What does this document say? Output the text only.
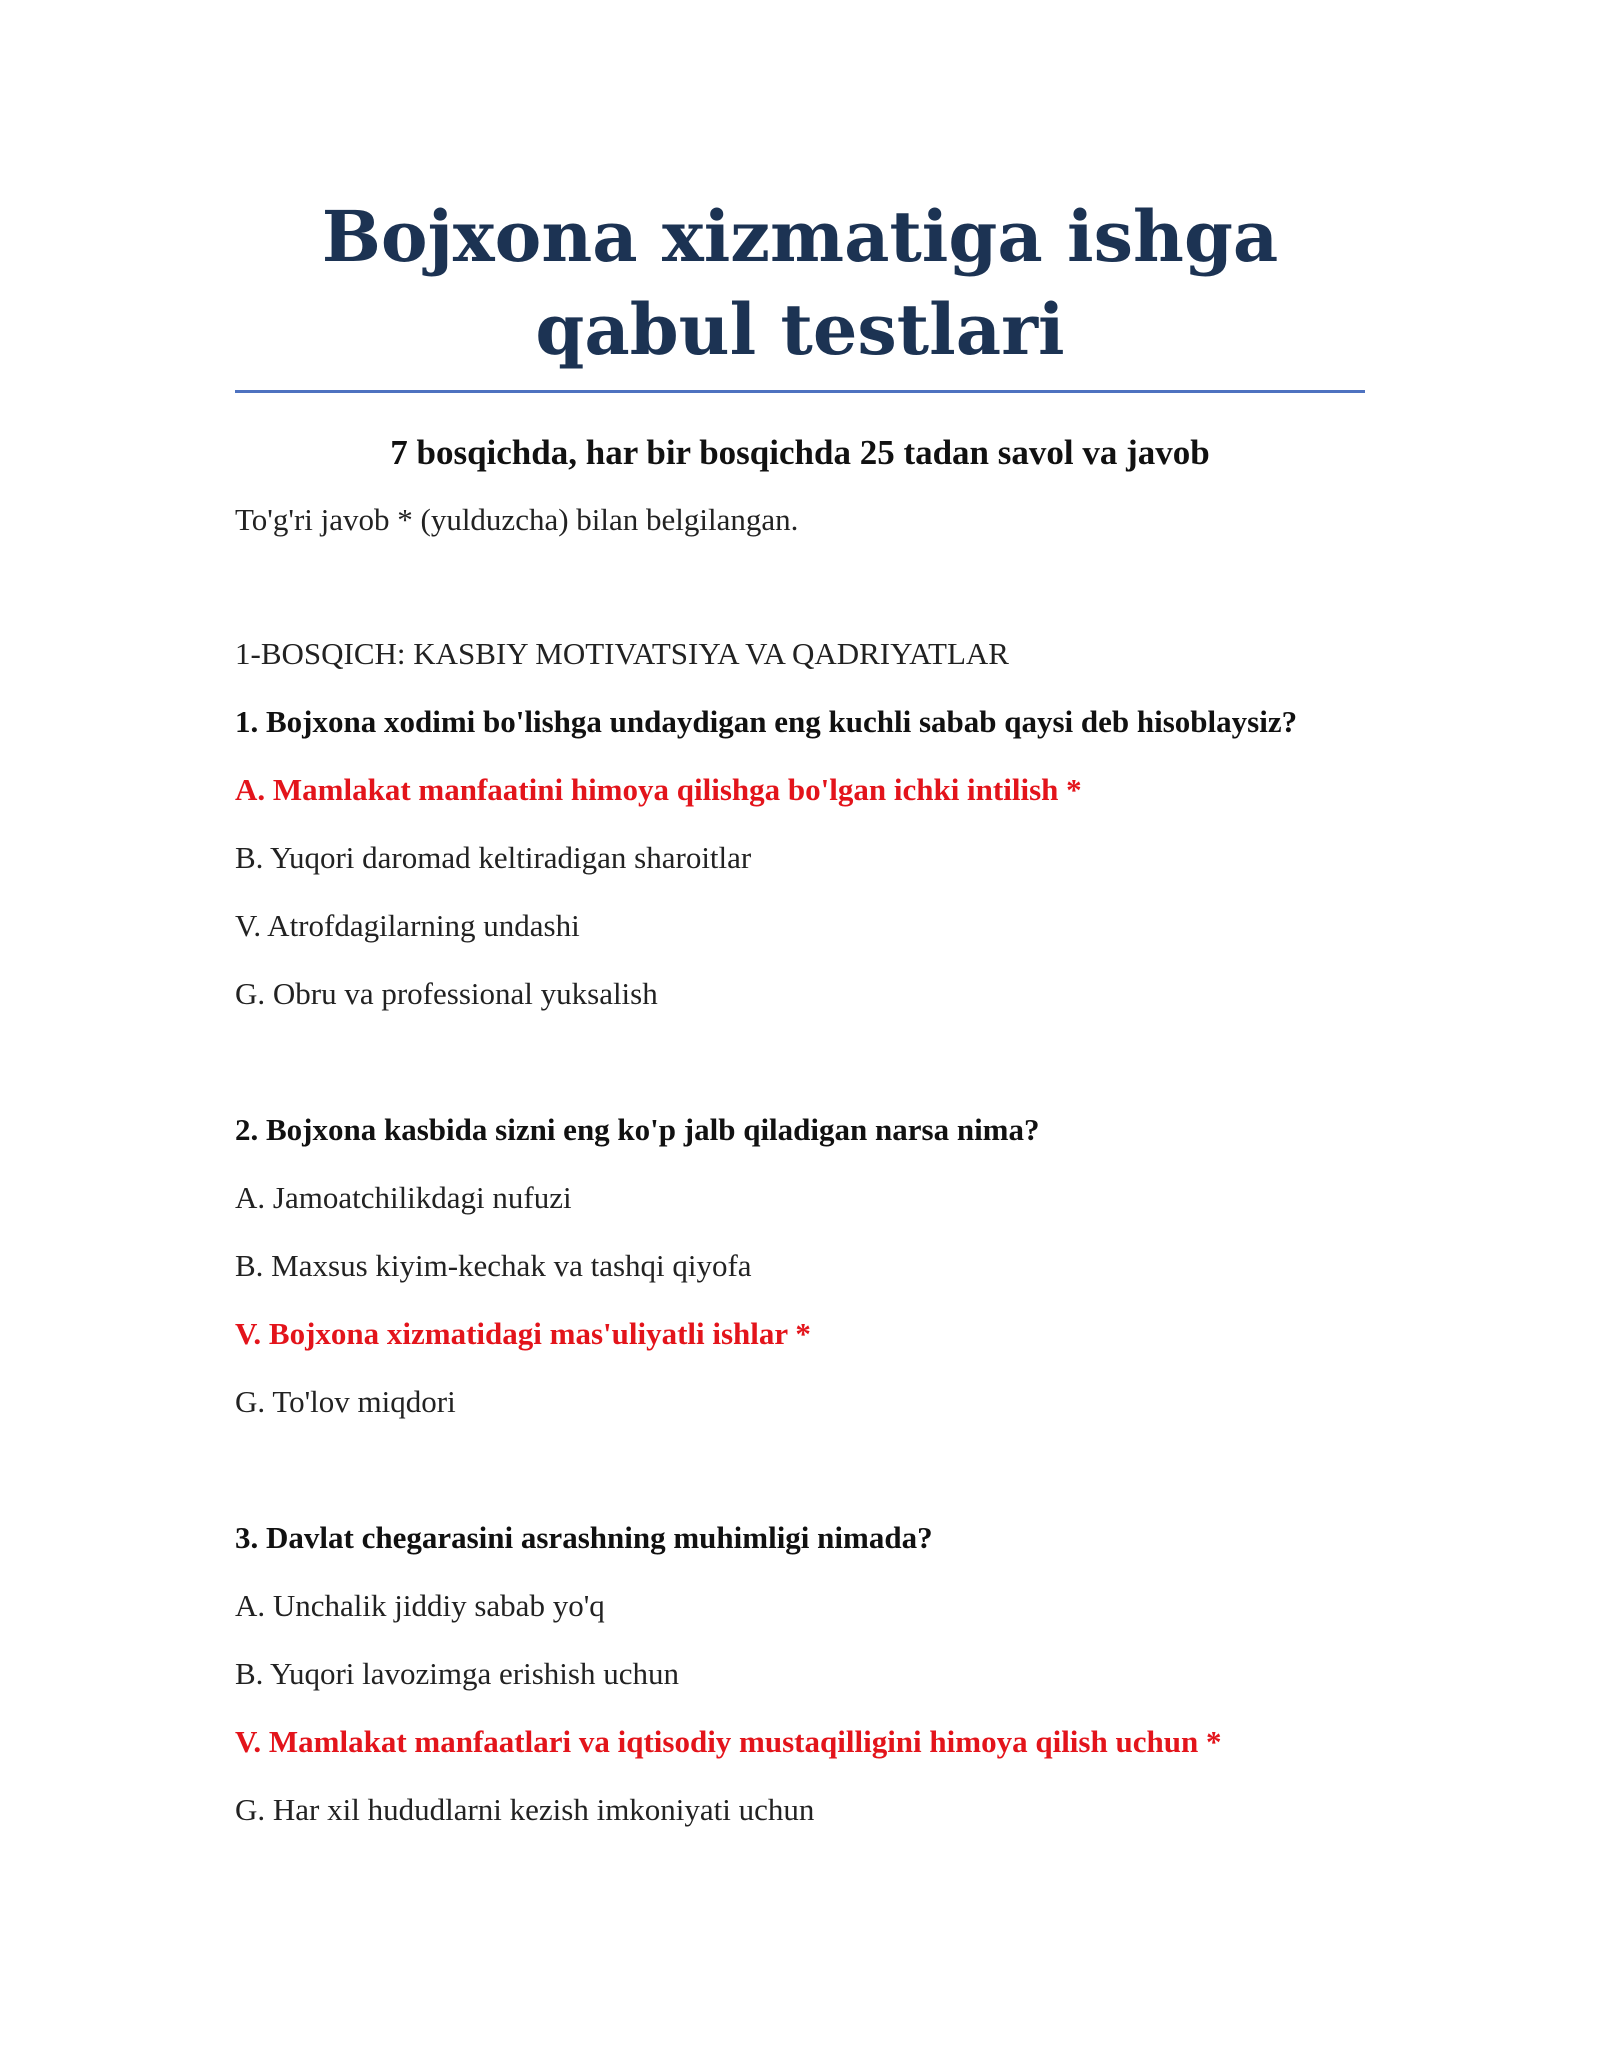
Bojxona xizmatiga ishga qabul testlari
7 bosqichda, har bir bosqichda 25 tadan savol va javob
To'g'ri javob * (yulduzcha) bilan belgilangan.
1-BOSQICH: KASBIY MOTIVATSIYA VA QADRIYATLAR
1. Bojxona xodimi bo'lishga undaydigan eng kuchli sabab qaysi deb hisoblaysiz?
A. Mamlakat manfaatini himoya qilishga bo'lgan ichki intilish *
B. Yuqori daromad keltiradigan sharoitlar
V. Atrofdagilarning undashi
G. Obru va professional yuksalish
2. Bojxona kasbida sizni eng ko'p jalb qiladigan narsa nima?
A. Jamoatchilikdagi nufuzi
B. Maxsus kiyim-kechak va tashqi qiyofa
V. Bojxona xizmatidagi mas'uliyatli ishlar *
G. To'lov miqdori
3. Davlat chegarasini asrashning muhimligi nimada?
A. Unchalik jiddiy sabab yo'q
B. Yuqori lavozimga erishish uchun
V. Mamlakat manfaatlari va iqtisodiy mustaqilligini himoya qilish uchun *
G. Har xil hududlarni kezish imkoniyati uchun
